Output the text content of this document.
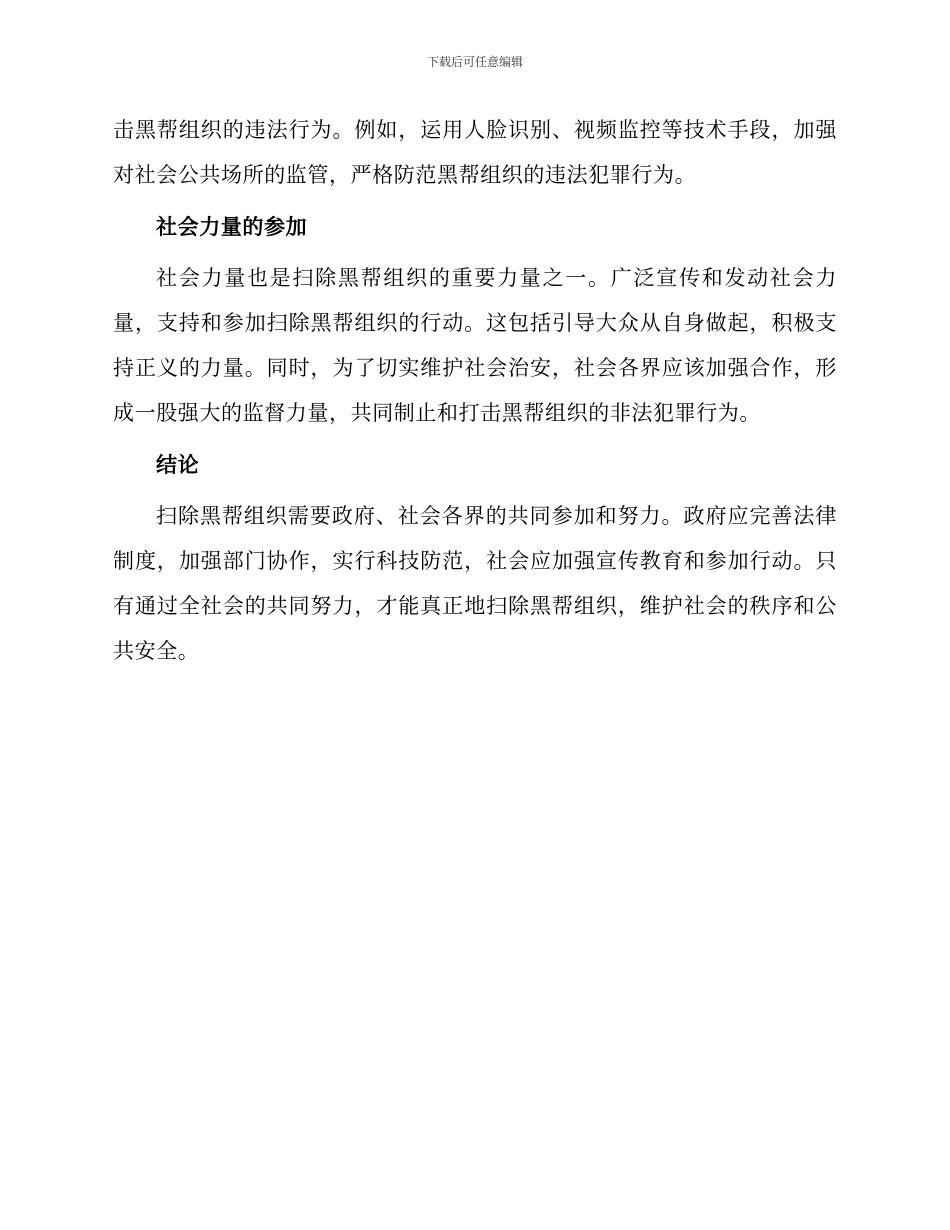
下载后可任意编辑

击黑帮组织的违法行为。例如，运用人脸识别、视频监控等技术手段，加强对社会公共场所的监管，严格防范黑帮组织的违法犯罪行为。

社会力量的参加

社会力量也是扫除黑帮组织的重要力量之一。广泛宣传和发动社会力量，支持和参加扫除黑帮组织的行动。这包括引导大众从自身做起，积极支持正义的力量。同时，为了切实维护社会治安，社会各界应该加强合作，形成一股强大的监督力量，共同制止和打击黑帮组织的非法犯罪行为。

结论

扫除黑帮组织需要政府、社会各界的共同参加和努力。政府应完善法律制度，加强部门协作，实行科技防范，社会应加强宣传教育和参加行动。只有通过全社会的共同努力，才能真正地扫除黑帮组织，维护社会的秩序和公共安全。
